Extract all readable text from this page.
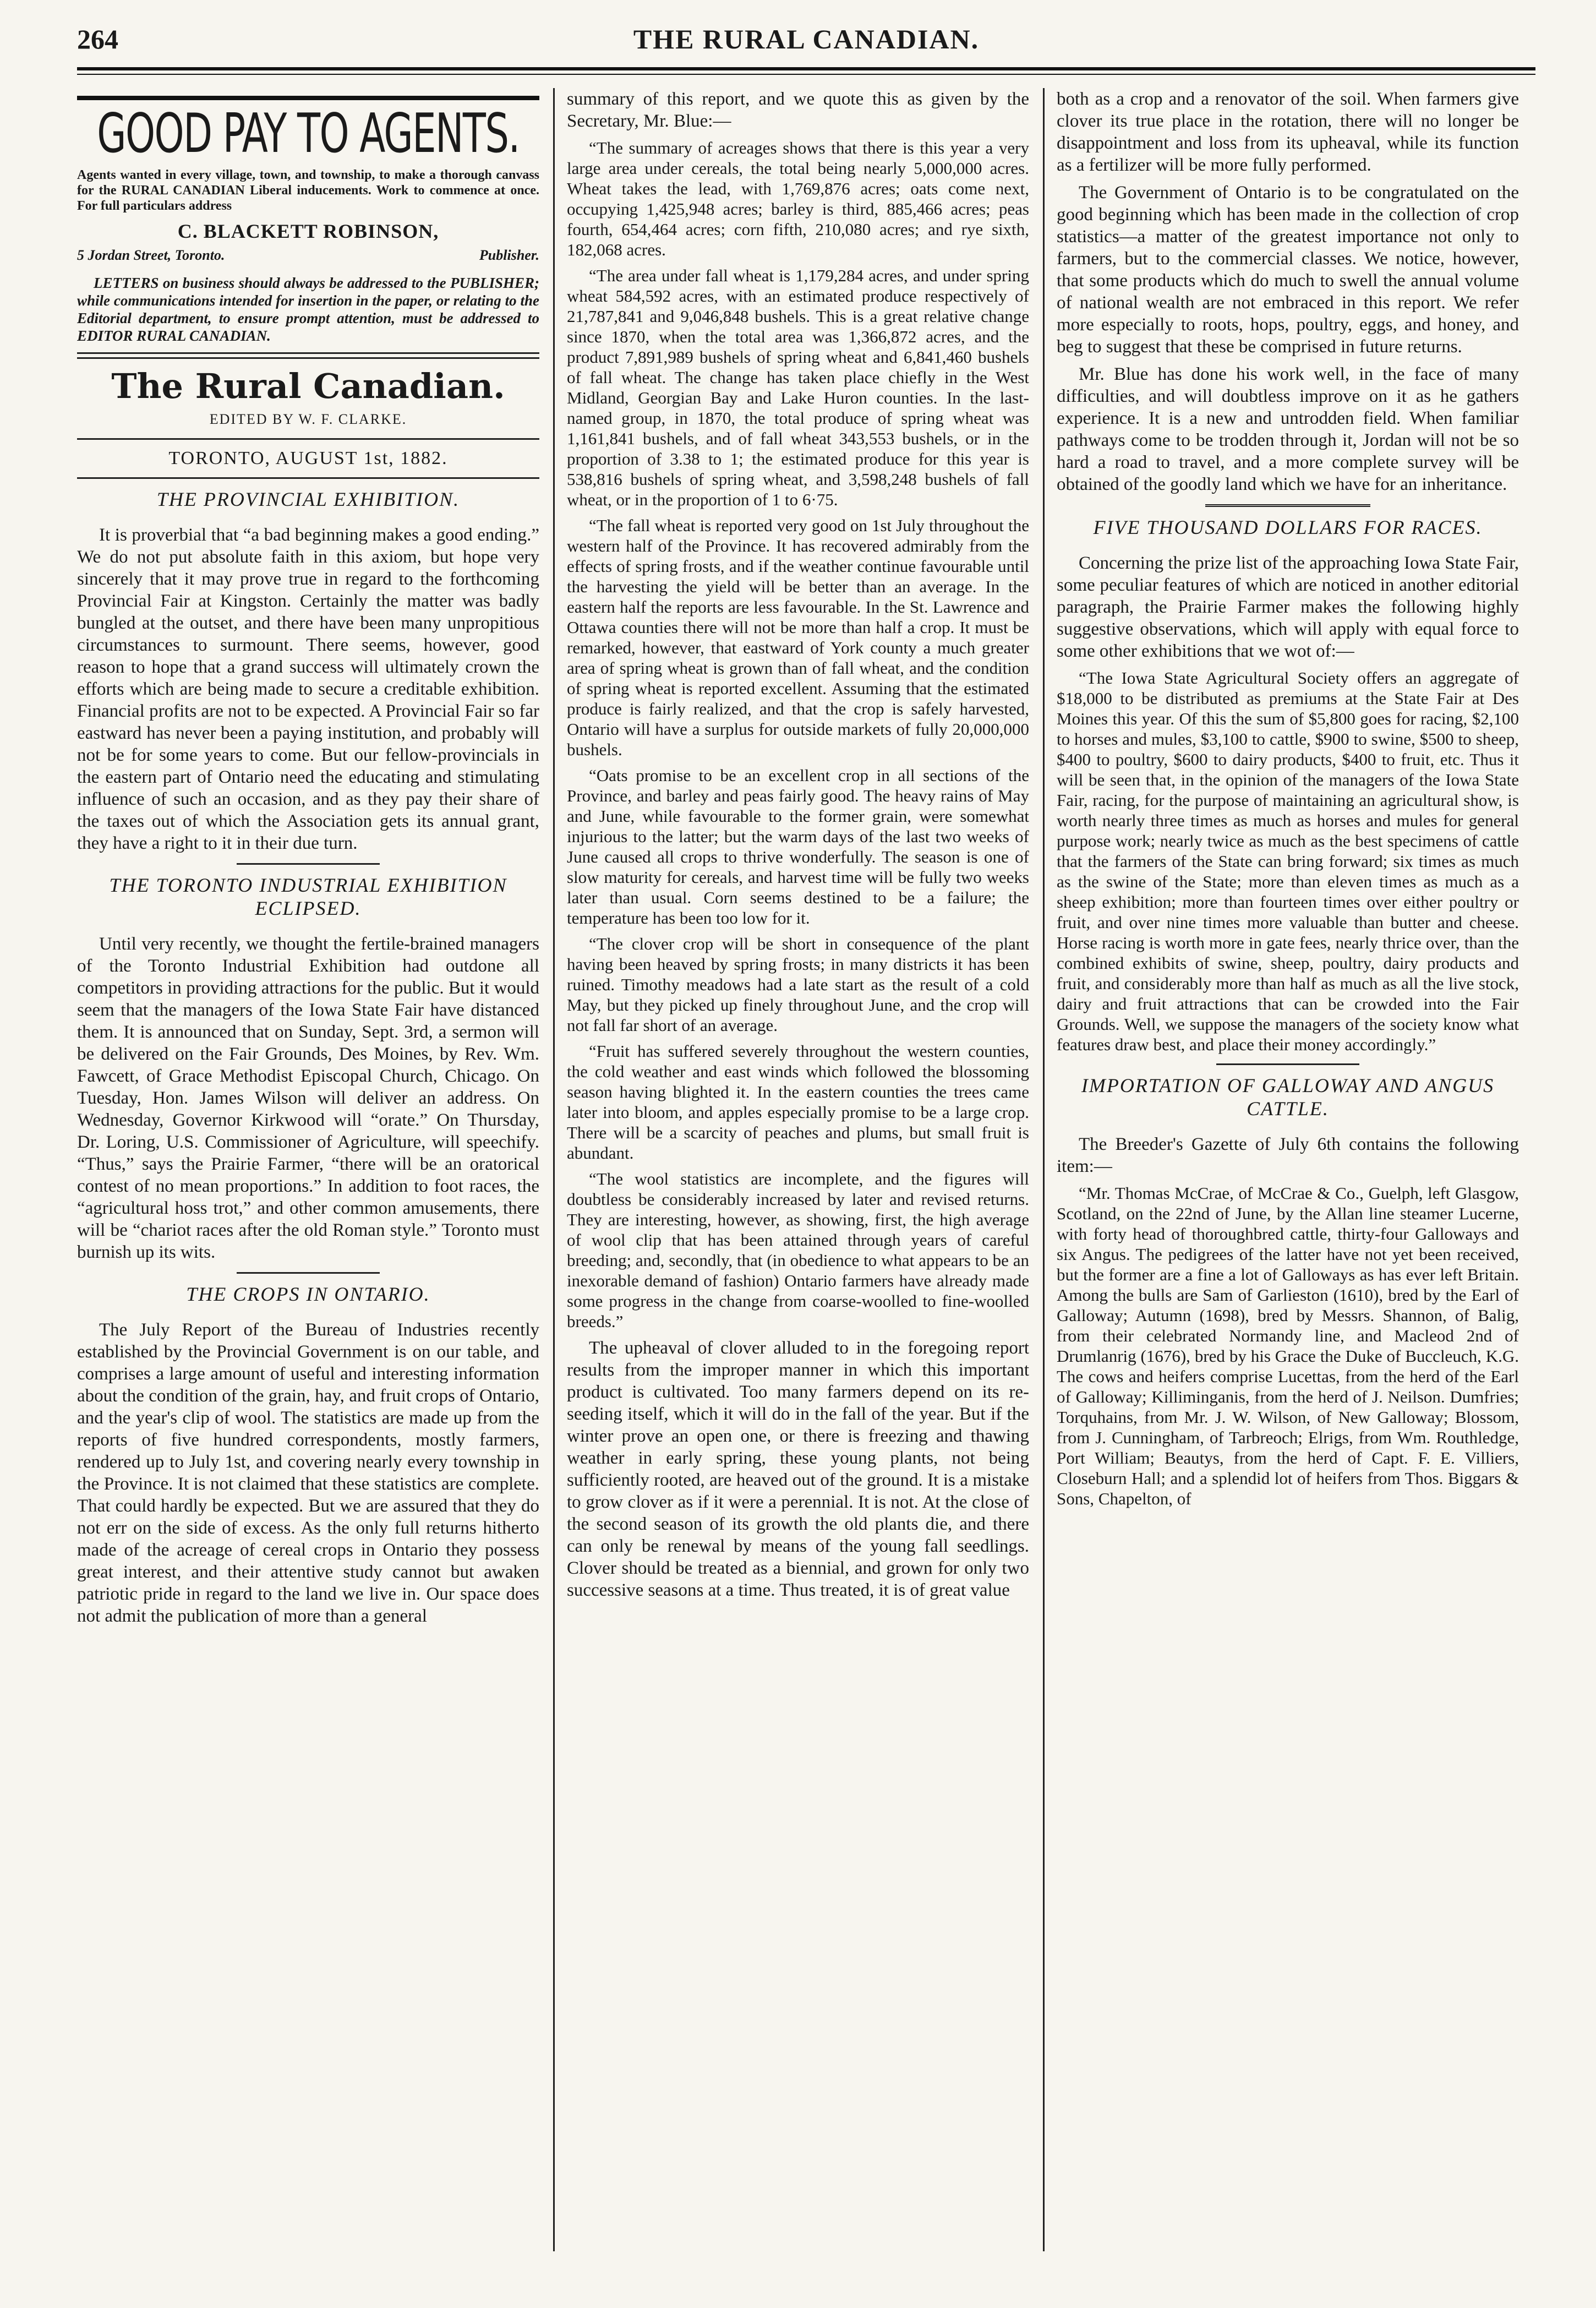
264	THE RURAL CANADIAN.
GOOD PAY TO AGENTS.
Agents wanted in every village, town, and township, to make a thorough canvass for the RURAL CANADIAN Liberal inducements. Work to commence at once. For full particulars address
C. BLACKETT ROBINSON,
5 Jordan Street, Toronto.	Publisher.
LETTERS on business should always be addressed to the PUBLISHER; while communications intended for insertion in the paper, or relating to the Editorial department, to ensure prompt attention, must be addressed to EDITOR RURAL CANADIAN.
The Rural Canadian.
EDITED BY W. F. CLARKE.
TORONTO, AUGUST 1st, 1882.
THE PROVINCIAL EXHIBITION.

It is proverbial that “a bad beginning makes a good ending.” We do not put absolute faith in this axiom, but hope very sincerely that it may prove true in regard to the forthcoming Provincial Fair at Kingston. Certainly the matter was badly bungled at the outset, and there have been many unpropitious circumstances to surmount. There seems, however, good reason to hope that a grand success will ultimately crown the efforts which are being made to secure a creditable exhibition. Financial profits are not to be expected. A Provincial Fair so far eastward has never been a paying institution, and probably will not be for some years to come. But our fellow-provincials in the eastern part of Ontario need the educating and stimulating influence of such an occasion, and as they pay their share of the taxes out of which the Association gets its annual grant, they have a right to it in their due turn.

THE TORONTO INDUSTRIAL EXHIBITION ECLIPSED.

Until very recently, we thought the fertile-brained managers of the Toronto Industrial Exhibition had outdone all competitors in providing attractions for the public. But it would seem that the managers of the Iowa State Fair have distanced them. It is announced that on Sunday, Sept. 3rd, a sermon will be delivered on the Fair Grounds, Des Moines, by Rev. Wm. Fawcett, of Grace Methodist Episcopal Church, Chicago. On Tuesday, Hon. James Wilson will deliver an address. On Wednesday, Governor Kirkwood will “orate.” On Thursday, Dr. Loring, U.S. Commissioner of Agriculture, will speechify. “Thus,” says the Prairie Farmer, “there will be an oratorical contest of no mean proportions.” In addition to foot races, the “agricultural hoss trot,” and other common amusements, there will be “chariot races after the old Roman style.” Toronto must burnish up its wits.

THE CROPS IN ONTARIO.

The July Report of the Bureau of Industries recently established by the Provincial Government is on our table, and comprises a large amount of useful and interesting information about the condition of the grain, hay, and fruit crops of Ontario, and the year's clip of wool. The statistics are made up from the reports of five hundred correspondents, mostly farmers, rendered up to July 1st, and covering nearly every township in the Province. It is not claimed that these statistics are complete. That could hardly be expected. But we are assured that they do not err on the side of excess. As the only full returns hitherto made of the acreage of cereal crops in Ontario they possess great interest, and their attentive study cannot but awaken patriotic pride in regard to the land we live in. Our space does not admit the publication of more than a general

summary of this report, and we quote this as given by the Secretary, Mr. Blue:—

“The summary of acreages shows that there is this year a very large area under cereals, the total being nearly 5,000,000 acres. Wheat takes the lead, with 1,769,876 acres; oats come next, occupying 1,425,948 acres; barley is third, 885,466 acres; peas fourth, 654,464 acres; corn fifth, 210,080 acres; and rye sixth, 182,068 acres.

“The area under fall wheat is 1,179,284 acres, and under spring wheat 584,592 acres, with an estimated produce respectively of 21,787,841 and 9,046,848 bushels. This is a great relative change since 1870, when the total area was 1,366,872 acres, and the product 7,891,989 bushels of spring wheat and 6,841,460 bushels of fall wheat. The change has taken place chiefly in the West Midland, Georgian Bay and Lake Huron counties. In the last-named group, in 1870, the total produce of spring wheat was 1,161,841 bushels, and of fall wheat 343,553 bushels, or in the proportion of 3.38 to 1; the estimated produce for this year is 538,816 bushels of spring wheat, and 3,598,248 bushels of fall wheat, or in the proportion of 1 to 6·75.

“The fall wheat is reported very good on 1st July throughout the western half of the Province. It has recovered admirably from the effects of spring frosts, and if the weather continue favourable until the harvesting the yield will be better than an average. In the eastern half the reports are less favourable. In the St. Lawrence and Ottawa counties there will not be more than half a crop. It must be remarked, however, that eastward of York county a much greater area of spring wheat is grown than of fall wheat, and the condition of spring wheat is reported excellent. Assuming that the estimated produce is fairly realized, and that the crop is safely harvested, Ontario will have a surplus for outside markets of fully 20,000,000 bushels.

“Oats promise to be an excellent crop in all sections of the Province, and barley and peas fairly good. The heavy rains of May and June, while favourable to the former grain, were somewhat injurious to the latter; but the warm days of the last two weeks of June caused all crops to thrive wonderfully. The season is one of slow maturity for cereals, and harvest time will be fully two weeks later than usual. Corn seems destined to be a failure; the temperature has been too low for it.

“The clover crop will be short in consequence of the plant having been heaved by spring frosts; in many districts it has been ruined. Timothy meadows had a late start as the result of a cold May, but they picked up finely throughout June, and the crop will not fall far short of an average.

“Fruit has suffered severely throughout the western counties, the cold weather and east winds which followed the blossoming season having blighted it. In the eastern counties the trees came later into bloom, and apples especially promise to be a large crop. There will be a scarcity of peaches and plums, but small fruit is abundant.

“The wool statistics are incomplete, and the figures will doubtless be considerably increased by later and revised returns. They are interesting, however, as showing, first, the high average of wool clip that has been attained through years of careful breeding; and, secondly, that (in obedience to what appears to be an inexorable demand of fashion) Ontario farmers have already made some progress in the change from coarse-woolled to fine-woolled breeds.”

The upheaval of clover alluded to in the foregoing report results from the improper manner in which this important product is cultivated. Too many farmers depend on its re-seeding itself, which it will do in the fall of the year. But if the winter prove an open one, or there is freezing and thawing weather in early spring, these young plants, not being sufficiently rooted, are heaved out of the ground. It is a mistake to grow clover as if it were a perennial. It is not. At the close of the second season of its growth the old plants die, and there can only be renewal by means of the young fall seedlings. Clover should be treated as a biennial, and grown for only two successive seasons at a time. Thus treated, it is of great value

both as a crop and a renovator of the soil. When farmers give clover its true place in the rotation, there will no longer be disappointment and loss from its upheaval, while its function as a fertilizer will be more fully performed.

The Government of Ontario is to be congratulated on the good beginning which has been made in the collection of crop statistics—a matter of the greatest importance not only to farmers, but to the commercial classes. We notice, however, that some products which do much to swell the annual volume of national wealth are not embraced in this report. We refer more especially to roots, hops, poultry, eggs, and honey, and beg to suggest that these be comprised in future returns.

Mr. Blue has done his work well, in the face of many difficulties, and will doubtless improve on it as he gathers experience. It is a new and untrodden field. When familiar pathways come to be trodden through it, Jordan will not be so hard a road to travel, and a more complete survey will be obtained of the goodly land which we have for an inheritance.

FIVE THOUSAND DOLLARS FOR RACES.

Concerning the prize list of the approaching Iowa State Fair, some peculiar features of which are noticed in another editorial paragraph, the Prairie Farmer makes the following highly suggestive observations, which will apply with equal force to some other exhibitions that we wot of:—

“The Iowa State Agricultural Society offers an aggregate of $18,000 to be distributed as premiums at the State Fair at Des Moines this year. Of this the sum of $5,800 goes for racing, $2,100 to horses and mules, $3,100 to cattle, $900 to swine, $500 to sheep, $400 to poultry, $600 to dairy products, $400 to fruit, etc. Thus it will be seen that, in the opinion of the managers of the Iowa State Fair, racing, for the purpose of maintaining an agricultural show, is worth nearly three times as much as horses and mules for general purpose work; nearly twice as much as the best specimens of cattle that the farmers of the State can bring forward; six times as much as the swine of the State; more than eleven times as much as a sheep exhibition; more than fourteen times over either poultry or fruit, and over nine times more valuable than butter and cheese. Horse racing is worth more in gate fees, nearly thrice over, than the combined exhibits of swine, sheep, poultry, dairy products and fruit, and considerably more than half as much as all the live stock, dairy and fruit attractions that can be crowded into the Fair Grounds. Well, we suppose the managers of the society know what features draw best, and place their money accordingly.”

IMPORTATION OF GALLOWAY AND ANGUS CATTLE.

The Breeder's Gazette of July 6th contains the following item:—

“Mr. Thomas McCrae, of McCrae & Co., Guelph, left Glasgow, Scotland, on the 22nd of June, by the Allan line steamer Lucerne, with forty head of thoroughbred cattle, thirty-four Galloways and six Angus. The pedigrees of the latter have not yet been received, but the former are a fine a lot of Galloways as has ever left Britain. Among the bulls are Sam of Garlieston (1610), bred by the Earl of Galloway; Autumn (1698), bred by Messrs. Shannon, of Balig, from their celebrated Normandy line, and Macleod 2nd of Drumlanrig (1676), bred by his Grace the Duke of Buccleuch, K.G. The cows and heifers comprise Lucettas, from the herd of the Earl of Galloway; Killiminganis, from the herd of J. Neilson. Dumfries; Torquhains, from Mr. J. W. Wilson, of New Galloway; Blossom, from J. Cunningham, of Tarbreoch; Elrigs, from Wm. Routhledge, Port William; Beautys, from the herd of Capt. F. E. Villiers, Closeburn Hall; and a splendid lot of heifers from Thos. Biggars & Sons, Chapelton, of
